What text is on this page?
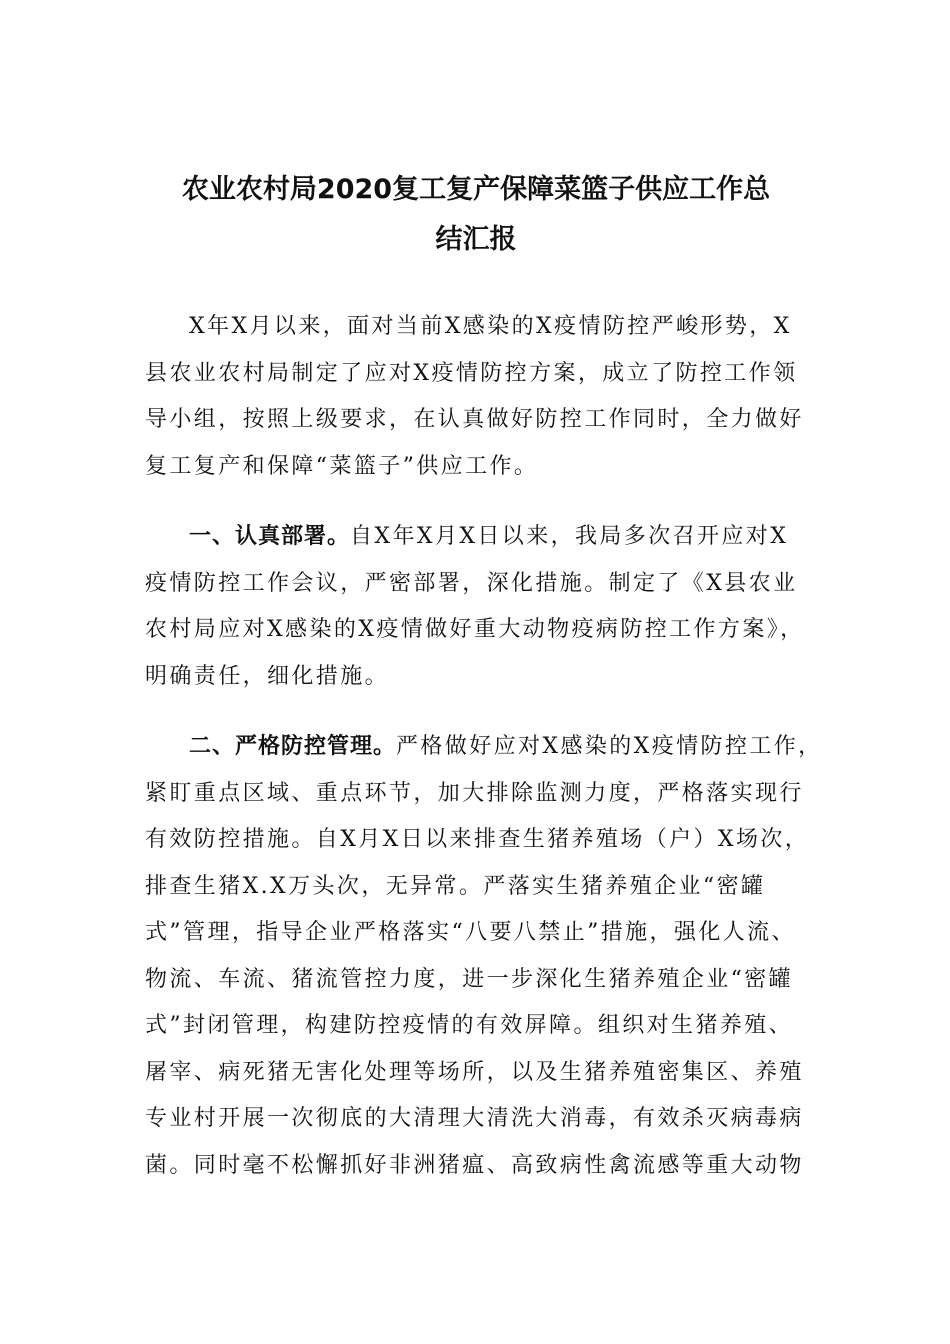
农业农村局2020复工复产保障菜篮子供应工作总
结汇报

X年X月以来，面对当前X感染的X疫情防控严峻形势，X
县农业农村局制定了应对X疫情防控方案，成立了防控工作领
导小组，按照上级要求，在认真做好防控工作同时，全力做好
复工复产和保障“菜篮子”供应工作。

一、认真部署。自X年X月X日以来，我局多次召开应对X
疫情防控工作会议，严密部署，深化措施。制定了《X县农业
农村局应对X感染的X疫情做好重大动物疫病防控工作方案》，
明确责任，细化措施。

二、严格防控管理。严格做好应对X感染的X疫情防控工作，
紧盯重点区域、重点环节，加大排除监测力度，严格落实现行
有效防控措施。自X月X日以来排查生猪养殖场（户）X场次，
排查生猪X.X万头次，无异常。严落实生猪养殖企业“密罐
式”管理，指导企业严格落实“八要八禁止”措施，强化人流、
物流、车流、猪流管控力度，进一步深化生猪养殖企业“密罐
式”封闭管理，构建防控疫情的有效屏障。组织对生猪养殖、
屠宰、病死猪无害化处理等场所，以及生猪养殖密集区、养殖
专业村开展一次彻底的大清理大清洗大消毒，有效杀灭病毒病
菌。同时毫不松懈抓好非洲猪瘟、高致病性禽流感等重大动物
